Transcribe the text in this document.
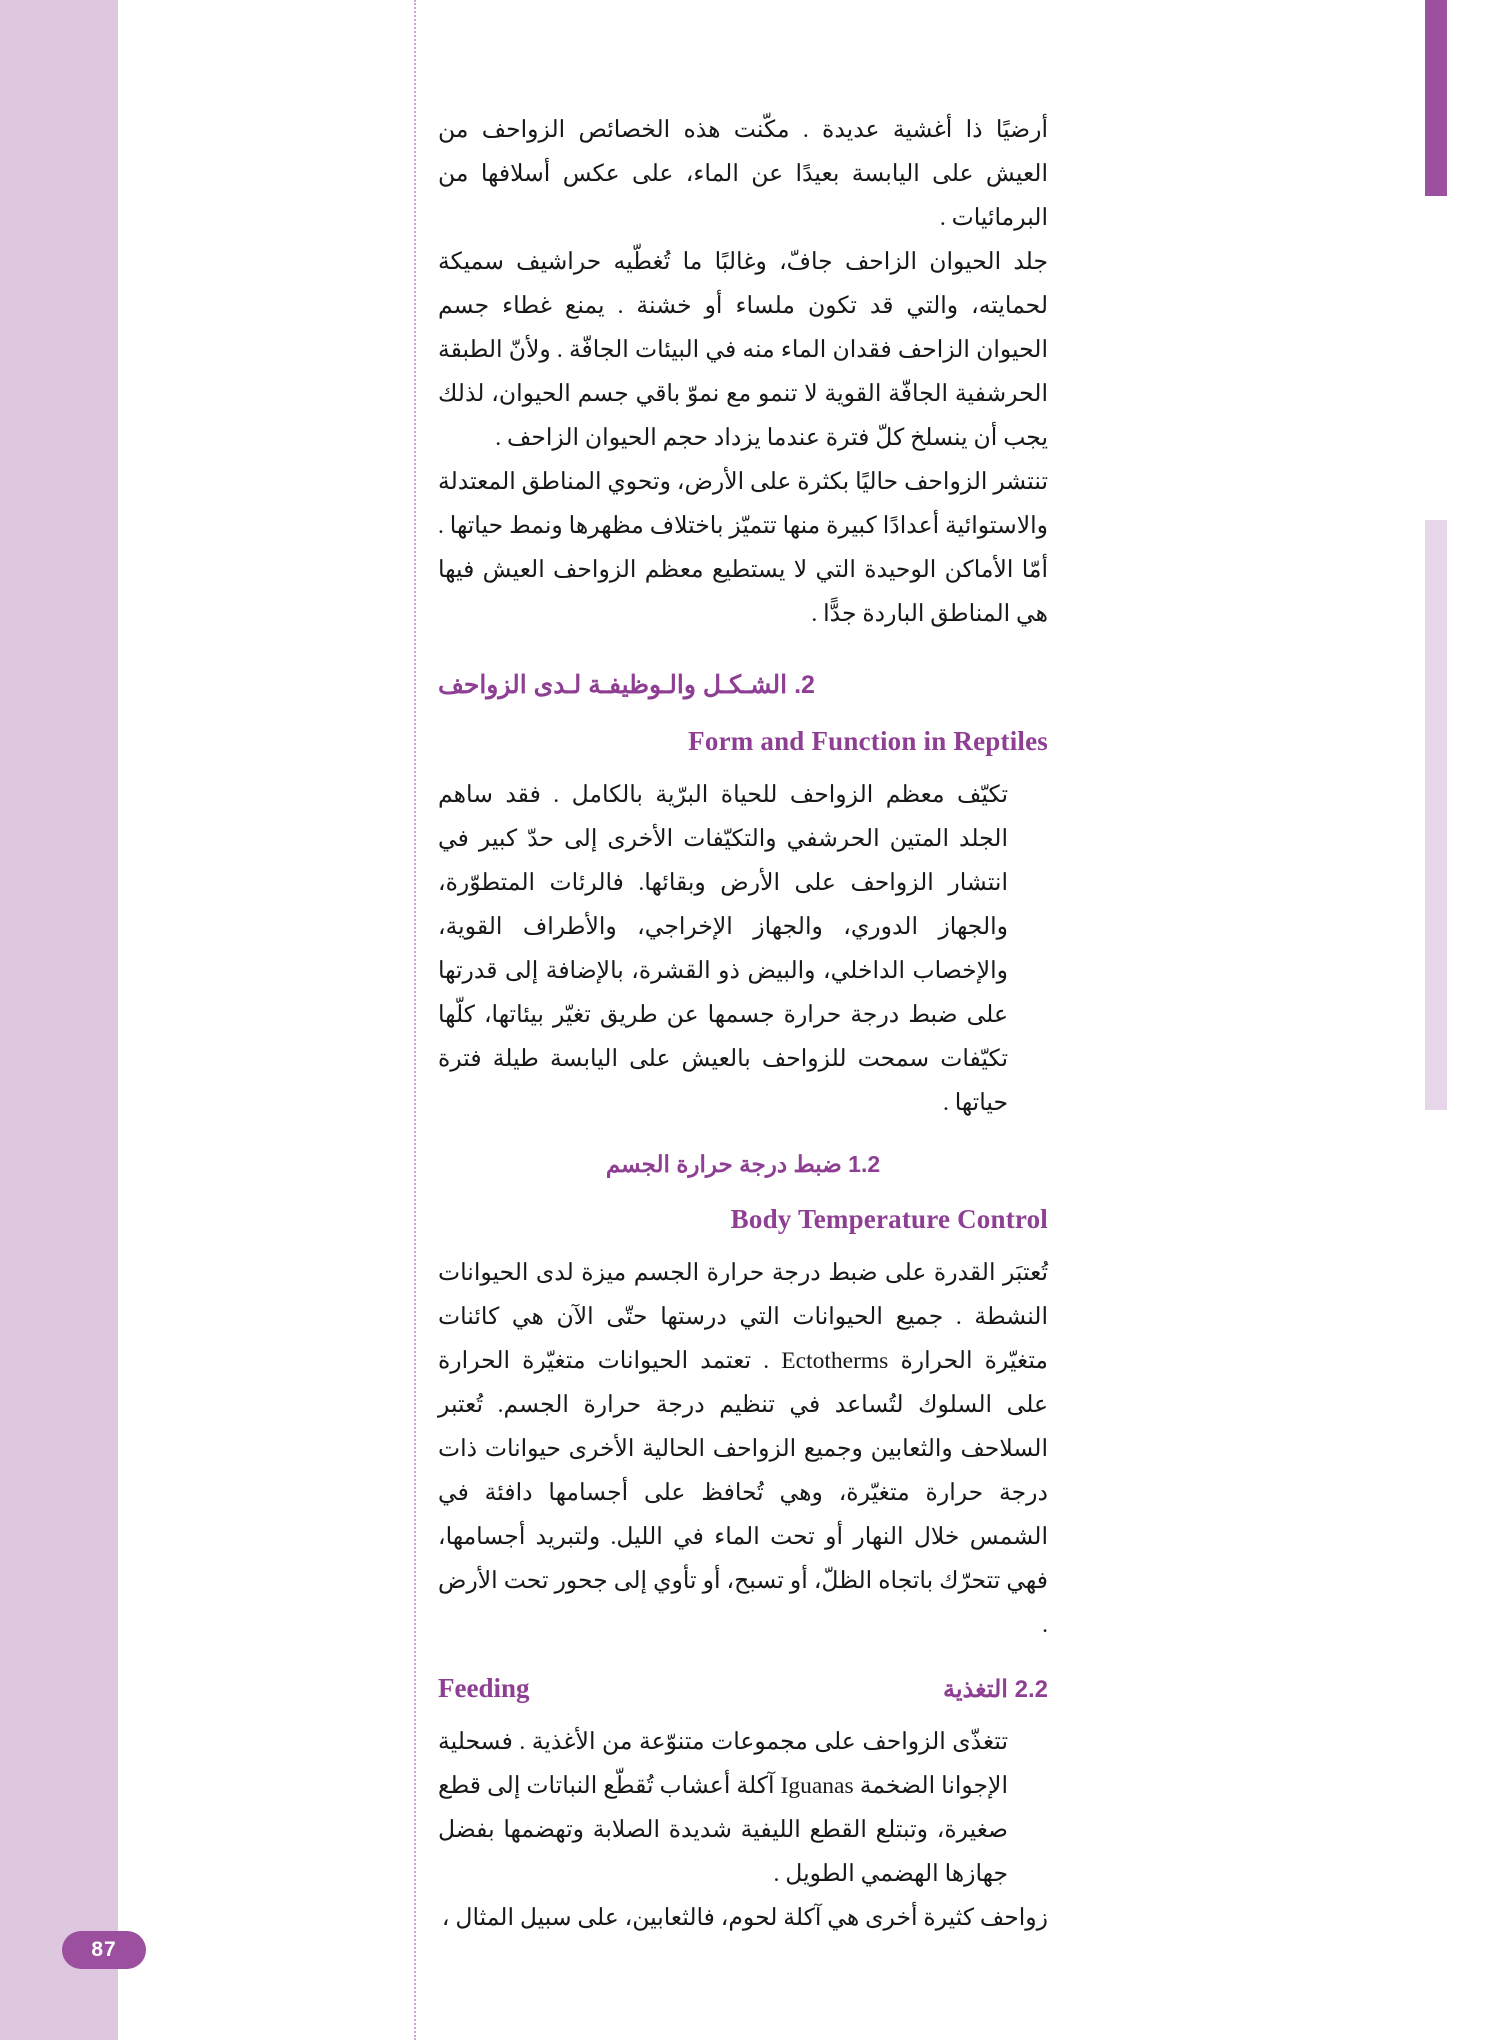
87

أرضيًا ذا أغشية عديدة . مكّنت هذه الخصائص الزواحف من العيش على اليابسة بعيدًا عن الماء، على عكس أسلافها من البرمائيات .

جلد الحيوان الزاحف جافّ، وغالبًا ما تُغطّيه حراشيف سميكة لحمايته، والتي قد تكون ملساء أو خشنة . يمنع غطاء جسم الحيوان الزاحف فقدان الماء منه في البيئات الجافّة . ولأنّ الطبقة الحرشفية الجافّة القوية لا تنمو مع نموّ باقي جسم الحيوان، لذلك يجب أن ينسلخ كلّ فترة عندما يزداد حجم الحيوان الزاحف .

تنتشر الزواحف حاليًا بكثرة على الأرض، وتحوي المناطق المعتدلة والاستوائية أعدادًا كبيرة منها تتميّز باختلاف مظهرها ونمط حياتها . أمّا الأماكن الوحيدة التي لا يستطيع معظم الزواحف العيش فيها هي المناطق الباردة جدًّا .

2. الشـكـل والـوظيفـة لـدى الزواحف
Form and Function in Reptiles

تكيّف معظم الزواحف للحياة البرّية بالكامل . فقد ساهم الجلد المتين الحرشفي والتكيّفات الأخرى إلى حدّ كبير في انتشار الزواحف على الأرض وبقائها. فالرئات المتطوّرة، والجهاز الدوري، والجهاز الإخراجي، والأطراف القوية، والإخصاب الداخلي، والبيض ذو القشرة، بالإضافة إلى قدرتها على ضبط درجة حرارة جسمها عن طريق تغيّر بيئاتها، كلّها تكيّفات سمحت للزواحف بالعيش على اليابسة طيلة فترة حياتها .

1.2 ضبط درجة حرارة الجسم
Body Temperature Control

تُعتبَر القدرة على ضبط درجة حرارة الجسم ميزة لدى الحيوانات النشطة . جميع الحيوانات التي درستها حتّى الآن هي كائنات متغيّرة الحرارة Ectotherms . تعتمد الحيوانات متغيّرة الحرارة على السلوك لتُساعد في تنظيم درجة حرارة الجسم. تُعتبر السلاحف والثعابين وجميع الزواحف الحالية الأخرى حيوانات ذات درجة حرارة متغيّرة، وهي تُحافظ على أجسامها دافئة في الشمس خلال النهار أو تحت الماء في الليل. ولتبريد أجسامها، فهي تتحرّك باتجاه الظلّ، أو تسبح، أو تأوي إلى جحور تحت الأرض .

2.2 التغذية
Feeding

تتغذّى الزواحف على مجموعات متنوّعة من الأغذية . فسحلية الإجوانا الضخمة Iguanas آكلة أعشاب تُقطّع النباتات إلى قطع صغيرة، وتبتلع القطع الليفية شديدة الصلابة وتهضمها بفضل جهازها الهضمي الطويل .

زواحف كثيرة أخرى هي آكلة لحوم، فالثعابين، على سبيل المثال ،
